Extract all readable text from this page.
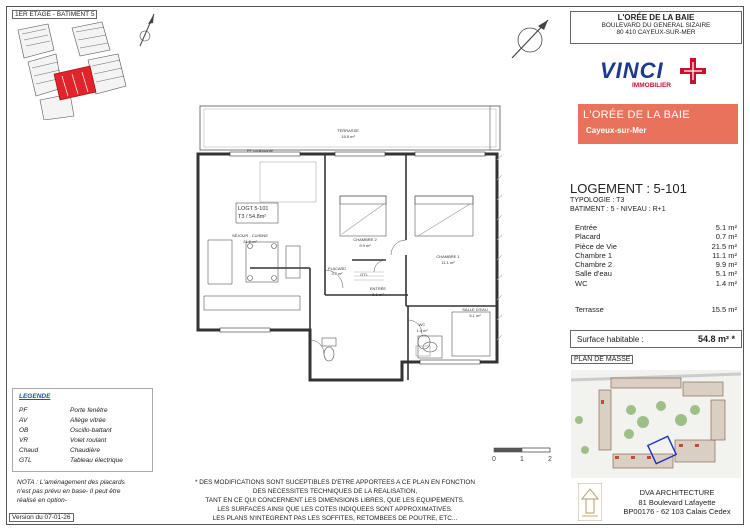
1ER ETAGE - BATIMENT 5
TERRASSE
15.5 m²
PF coulissante
LOGT 5-101
T3 / 54.8m²
SÉJOUR - CUISINE
21.5 m²	CHAMBRE 2
9.9 m²
CHAMBRE 1
11.1 m²
PLACARD
0.7 m²	GTL
ENTRÉE
5.1 m²
SALLE D'EAU
5.1 m²
WC
1.4 m²
L'ORÉE DE LA BAIE
BOULEVARD DU GENERAL SIZAIRE
80 410 CAYEUX-SUR-MER
VINCI
IMMOBILIER
L'ORÉE DE LA BAIE
Cayeux-sur-Mer
LOGEMENT : 5-101
TYPOLOGIE : T3
BATIMENT : 5 - NIVEAU : R+1
Entrée	5.1 m²
Placard	0.7 m²
Pièce de Vie	21.5 m²
Chambre 1	11.1 m²
Chambre 2	9.9 m²
Salle d'eau	5.1 m²
WC	1.4 m²
Terrasse	15.5 m²
Surface habitable :	54.8 m² *
PLAN DE MASSE
LEGENDE
PF	Porte fenêtre
AV	Allège vitrée
OB	Oscillo-battant
VR	Volet roulant
Chaud	Chaudière
GTL	Tableau électrique
NOTA : L'aménagement des placards
n'est pas prévu en base- Il peut être
réalisé en option-
Version du 07-01-26
* DES MODIFICATIONS SONT SUCEPTIBLES D'ETRE APPORTEES A CE PLAN EN FONCTION
DES NECESSITES TECHNIQUES DE LA REALISATION,
TANT EN CE QUI CONCERNENT LES DIMENSIONS LIBRES, QUE LES EQUIPEMENTS.
LES SURFACES AINSI QUE LES COTES INDIQUEES SONT APPROXIMATIVES.
LES PLANS N'INTEGRENT PAS LES SOFFITES, RETOMBEES DE POUTRE, ETC...
0	1	2
DVA ARCHITECTURE
81 Boulevard Lafayette
BP00176 - 62 103 Calais Cedex
